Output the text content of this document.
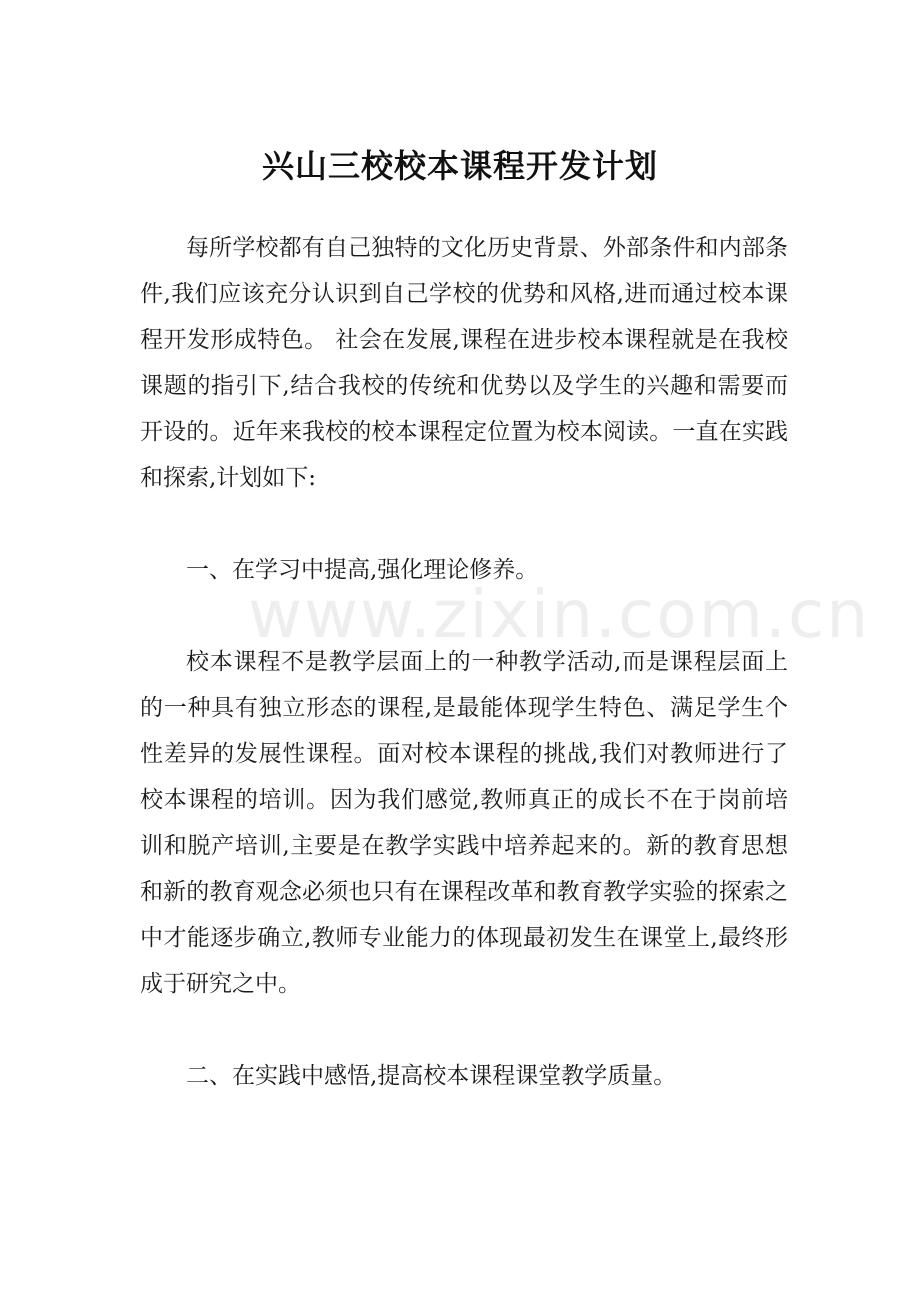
兴山三校校本课程开发计划

每所学校都有自己独特的文化历史背景、外部条件和内部条件,我们应该充分认识到自己学校的优势和风格,进而通过校本课程开发形成特色。 社会在发展,课程在进步校本课程就是在我校课题的指引下,结合我校的传统和优势以及学生的兴趣和需要而开设的。近年来我校的校本课程定位置为校本阅读。一直在实践和探索,计划如下:

一、在学习中提高,强化理论修养。

校本课程不是教学层面上的一种教学活动,而是课程层面上的一种具有独立形态的课程,是最能体现学生特色、满足学生个性差异的发展性课程。面对校本课程的挑战,我们对教师进行了校本课程的培训。因为我们感觉,教师真正的成长不在于岗前培训和脱产培训,主要是在教学实践中培养起来的。新的教育思想和新的教育观念必须也只有在课程改革和教育教学实验的探索之中才能逐步确立,教师专业能力的体现最初发生在课堂上,最终形成于研究之中。

二、在实践中感悟,提高校本课程课堂教学质量。

www.zixin.com.cn
